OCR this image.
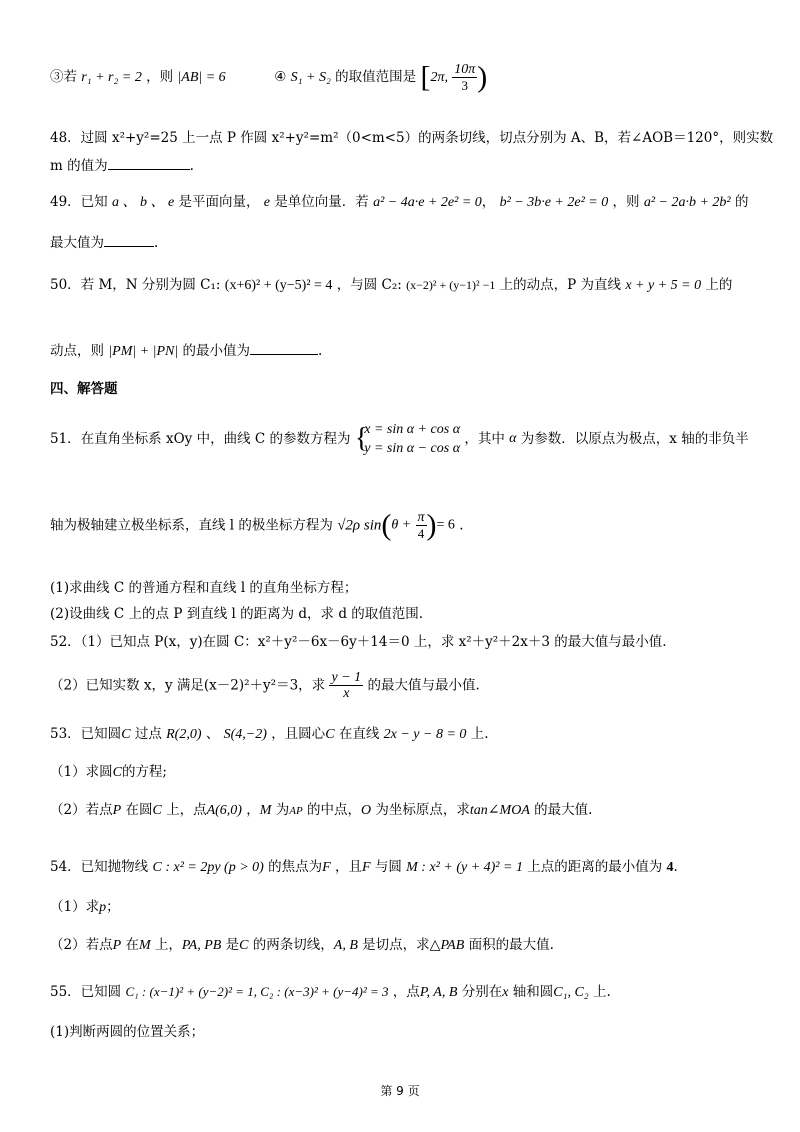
③若 r₁ + r₂ = 2 ，则 |AB| = 6	④ S₁ + S₂ 的取值范围是 [2π, $\frac{10\pi}{3}$ )
48．过圆 x²+y²=25 上一点 P 作圆 x²+y²=m²（0<m<5）的两条切线，切点分别为 A、B，若∠AOB＝120°，则实数
m 的值为	.
49．已知 a 、 b 、 e 是平面向量， e 是单位向量．若 a² − 4a·e + 2e² = 0， b² − 3b·e + 2e² = 0 ，则 a² − 2a·b + 2b² 的
最大值为	.
50．若 M，N 分别为圆 C₁: (x+6)² + (y−5)² = 4 ，与圆 C₂: (x−2)² + (y−1)² −1 上的动点，P 为直线 x + y + 5 = 0 上的
动点，则 |PM| + |PN| 的最小值为	.
四、解答题
51．在直角坐标系 xOy 中，曲线 C 的参数方程为 {
x = sin α + cos α
y = sin α − cos α
，其中 α 为参数．以原点为极点，x 轴的非负半
轴为极轴建立极坐标系，直线 l 的极坐标方程为 √2ρ $\sin(\theta + \frac{\pi}{4}$ )= 6 .
(1)求曲线 C 的普通方程和直线 l 的直角坐标方程；
(2)设曲线 C 上的点 P 到直线 l 的距离为 d，求 d 的取值范围.
52．（1）已知点 P(x，y)在圆 C：x²＋y²－6x－6y＋14＝0 上，求 x²＋y²＋2x＋3 的最大值与最小值.
（2）已知实数 x，y 满足(x－2)²＋y²＝3，求 $\frac{y - 1}{x}$ 的最大值与最小值.
53．已知圆C 过点 R(2,0) 、 S(4,−2) ，且圆心C 在直线 2x − y − 8 = 0 上.
（1）求圆C的方程;
（2）若点P 在圆C 上，点A(6,0) ，M 为AP 的中点，O 为坐标原点，求tan∠MOA 的最大值.
54．已知抛物线 C : x² = 2py (p > 0) 的焦点为F ，且F 与圆 M : x² + (y + 4)² = 1 上点的距离的最小值为 4.
（1）求p；
（2）若点P 在M 上，PA, PB 是C 的两条切线，A, B 是切点，求△PAB 面积的最大值.
55．已知圆 C₁ : (x−1)² + (y−2)² = 1, C₂ : (x−3)² + (y−4)² = 3 ，点P, A, B 分别在x 轴和圆C₁, C₂ 上.
(1)判断两圆的位置关系；
第 9 页
